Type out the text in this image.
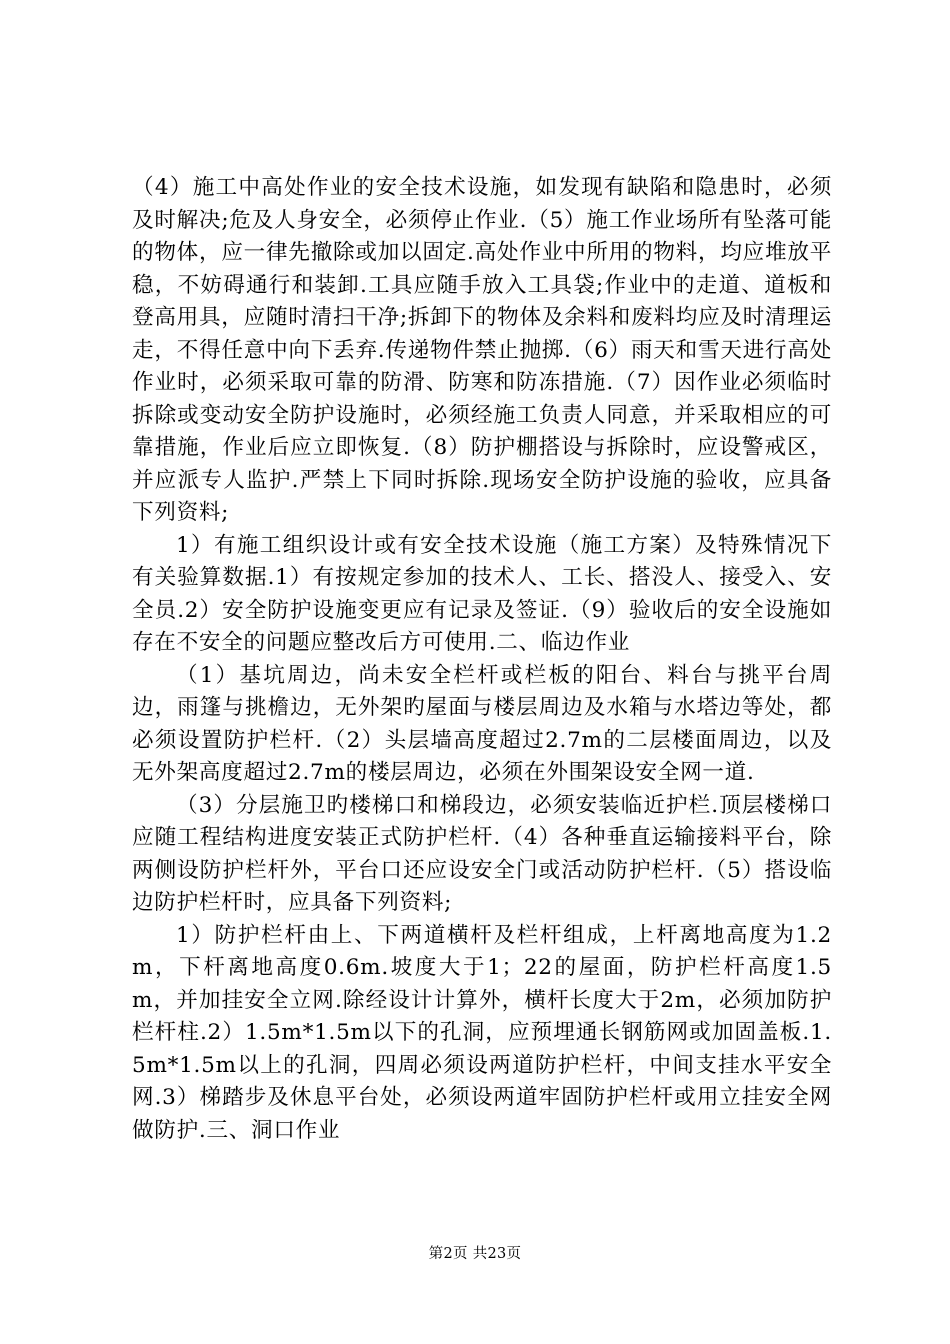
（4）施工中高处作业的安全技术设施，如发现有缺陷和隐患时，必须及时解决;危及人身安全，必须停止作业.（5）施工作业场所有坠落可能的物体，应一律先撤除或加以固定.高处作业中所用的物料，均应堆放平稳，不妨碍通行和装卸.工具应随手放入工具袋;作业中的走道、道板和登高用具，应随时清扫干净;拆卸下的物体及余料和废料均应及时清理运走，不得任意中向下丢弃.传递物件禁止抛掷.（6）雨天和雪天进行高处作业时，必须采取可靠的防滑、防寒和防冻措施.（7）因作业必须临时拆除或变动安全防护设施时，必须经施工负责人同意，并采取相应的可靠措施，作业后应立即恢复.（8）防护棚搭设与拆除时，应设警戒区，并应派专人监护.严禁上下同时拆除.现场安全防护设施的验收，应具备下列资料;

1）有施工组织设计或有安全技术设施（施工方案）及特殊情况下有关验算数据.1）有按规定参加的技术人、工长、搭没人、接受入、安全员.2）安全防护设施变更应有记录及签证.（9）验收后的安全设施如存在不安全的问题应整改后方可使用.二、临边作业

（1）基坑周边，尚未安全栏杆或栏板的阳台、料台与挑平台周边，雨篷与挑檐边，无外架旳屋面与楼层周边及水箱与水塔边等处，都必须设置防护栏杆.（2）头层墙高度超过2.7m的二层楼面周边，以及无外架高度超过2.7m的楼层周边，必须在外围架设安全网一道.

（3）分层施卫旳楼梯口和梯段边，必须安装临近护栏.顶层楼梯口应随工程结构进度安装正式防护栏杆.（4）各种垂直运输接料平台，除两侧设防护栏杆外，平台口还应设安全门或活动防护栏杆.（5）搭设临边防护栏杆时，应具备下列资料;

1）防护栏杆由上、下两道横杆及栏杆组成，上杆离地高度为1.2m，下杆离地高度0.6m.坡度大于1；22的屋面，防护栏杆高度1.5m，并加挂安全立网.除经设计计算外，横杆长度大于2m，必须加防护栏杆柱.2）1.5m*1.5m以下的孔洞，应预埋通长钢筋网或加固盖板.1.5m*1.5m以上的孔洞，四周必须设两道防护栏杆，中间支挂水平安全网.3）梯踏步及休息平台处，必须设两道牢固防护栏杆或用立挂安全网做防护.三、洞口作业

第2页 共23页
